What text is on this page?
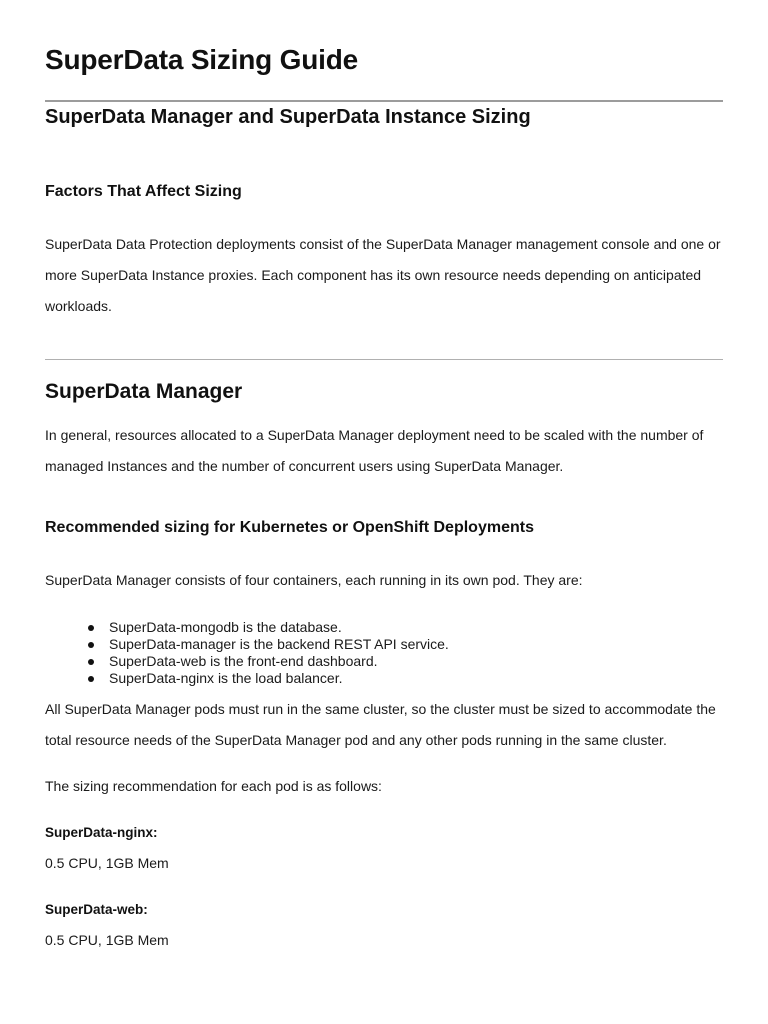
SuperData Sizing Guide
SuperData Manager and SuperData Instance Sizing
Factors That Affect Sizing

SuperData Data Protection deployments consist of the SuperData Manager management console and one or more SuperData Instance proxies. Each component has its own resource needs depending on anticipated workloads.

SuperData Manager

In general, resources allocated to a SuperData Manager deployment need to be scaled with the number of managed Instances and the number of concurrent users using SuperData Manager.

Recommended sizing for Kubernetes or OpenShift Deployments

SuperData Manager consists of four containers, each running in its own pod. They are:

SuperData-mongodb is the database.
SuperData-manager is the backend REST API service.
SuperData-web is the front-end dashboard.
SuperData-nginx is the load balancer.

All SuperData Manager pods must run in the same cluster, so the cluster must be sized to accommodate the total resource needs of the SuperData Manager pod and any other pods running in the same cluster.

The sizing recommendation for each pod is as follows:

SuperData-nginx:

0.5 CPU, 1GB Mem

SuperData-web:

0.5 CPU, 1GB Mem
